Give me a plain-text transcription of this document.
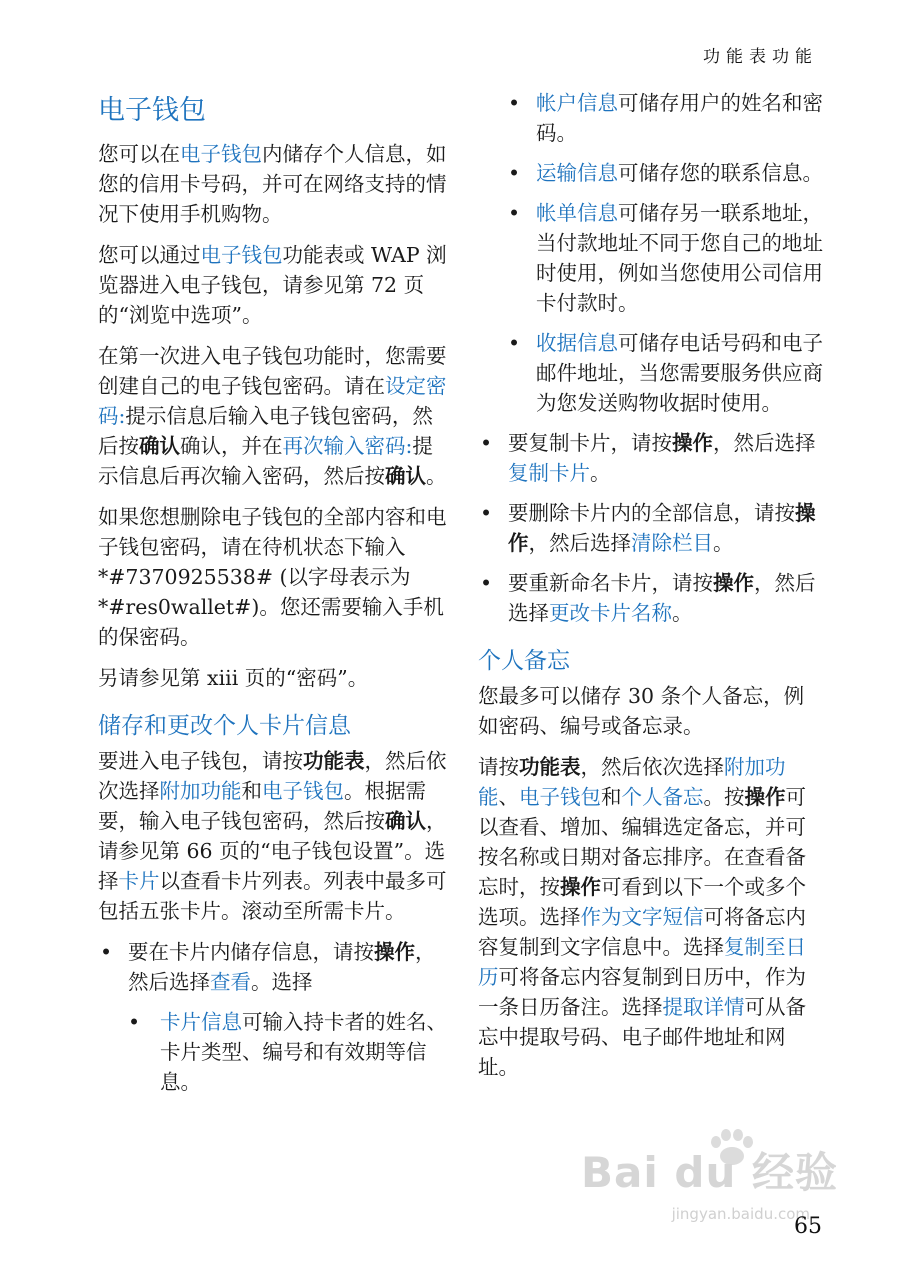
功能表功能
电子钱包

您可以在电子钱包内储存个人信息，如您的信用卡号码，并可在网络支持的情况下使用手机购物。

您可以通过电子钱包功能表或 WAP 浏览器进入电子钱包，请参见第 72 页的“浏览中选项”。

在第一次进入电子钱包功能时，您需要创建自己的电子钱包密码。请在设定密码:提示信息后输入电子钱包密码，然后按确认确认，并在再次输入密码:提示信息后再次输入密码，然后按确认。

如果您想删除电子钱包的全部内容和电子钱包密码，请在待机状态下输入 *#7370925538# (以字母表示为 *#res0wallet#)。您还需要输入手机的保密码。

另请参见第 xiii 页的“密码”。

储存和更改个人卡片信息

要进入电子钱包，请按功能表，然后依次选择附加功能和电子钱包。根据需要，输入电子钱包密码，然后按确认，请参见第 66 页的“电子钱包设置”。选择卡片以查看卡片列表。列表中最多可包括五张卡片。滚动至所需卡片。

• 要在卡片内储存信息，请按操作，然后选择查看。选择
• 卡片信息可输入持卡者的姓名、卡片类型、编号和有效期等信息。
• 帐户信息可储存用户的姓名和密码。
• 运输信息可储存您的联系信息。
• 帐单信息可储存另一联系地址，当付款地址不同于您自己的地址时使用，例如当您使用公司信用卡付款时。
• 收据信息可储存电话号码和电子邮件地址，当您需要服务供应商为您发送购物收据时使用。
• 要复制卡片，请按操作，然后选择复制卡片。
• 要删除卡片内的全部信息，请按操作，然后选择清除栏目。
• 要重新命名卡片，请按操作，然后选择更改卡片名称。
个人备忘

您最多可以储存 30 条个人备忘，例如密码、编号或备忘录。

请按功能表，然后依次选择附加功能、电子钱包和个人备忘。按操作可以查看、增加、编辑选定备忘，并可按名称或日期对备忘排序。在查看备忘时，按操作可看到以下一个或多个选项。选择作为文字短信可将备忘内容复制到文字信息中。选择复制至日历可将备忘内容复制到日历中，作为一条日历备注。选择提取详情可从备忘中提取号码、电子邮件地址和网址。

Bai du 经验
jingyan.baidu.com
65
